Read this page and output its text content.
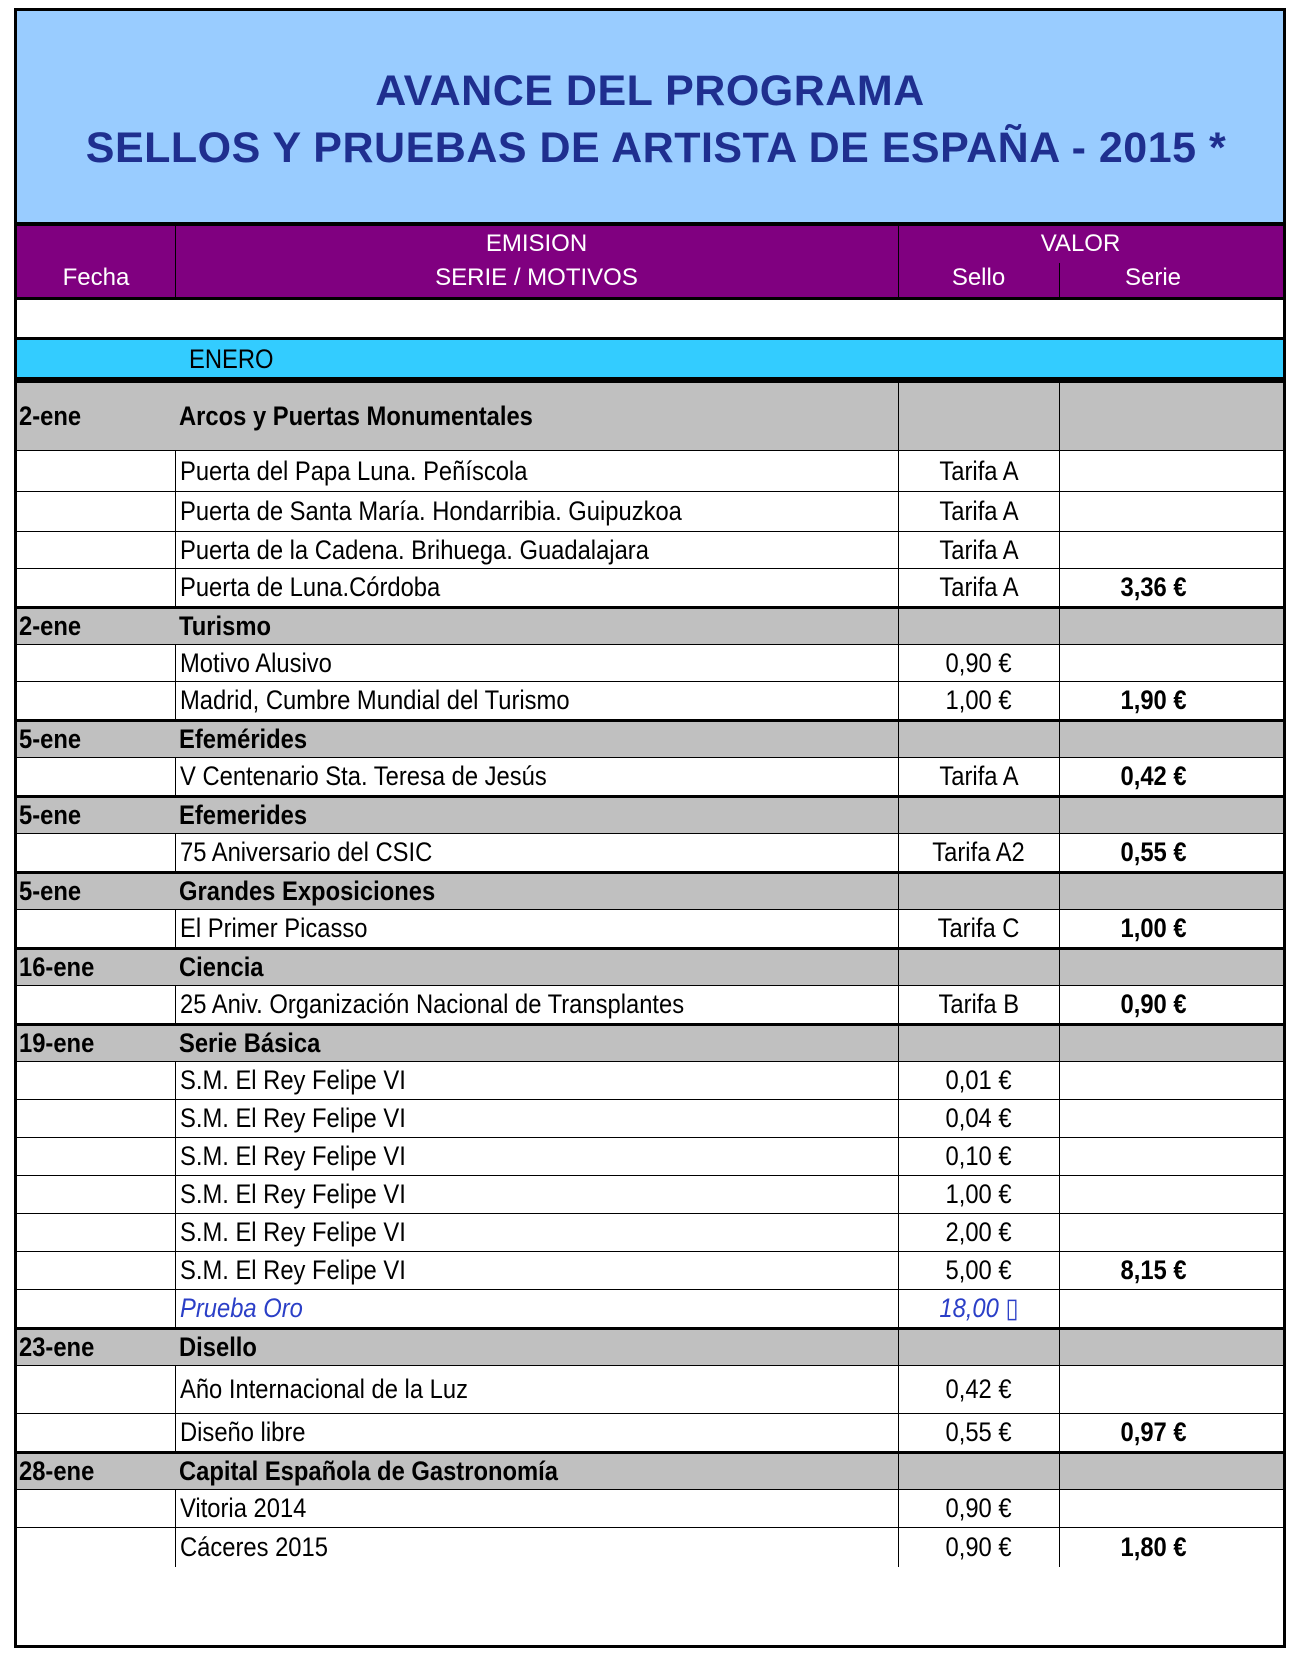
AVANCE DEL PROGRAMA
SELLOS Y PRUEBAS DE ARTISTA DE ESPAÑA - 2015 *
Fecha
EMISION
SERIE / MOTIVOS
VALOR
Sello	Serie
ENERO
2-ene	Arcos y Puertas Monumentales
Puerta del Papa Luna. Peñíscola	Tarifa A
Puerta de Santa María. Hondarribia. Guipuzkoa	Tarifa A
Puerta de la Cadena. Brihuega. Guadalajara	Tarifa A
Puerta de Luna.Córdoba	Tarifa A	3,36 €
2-ene	Turismo
Motivo Alusivo	0,90 €
Madrid, Cumbre Mundial del Turismo	1,00 €	1,90 €
5-ene	Efemérides
V Centenario Sta. Teresa de Jesús	Tarifa A	0,42 €
5-ene	Efemerides
75 Aniversario del CSIC	Tarifa A2	0,55 €
5-ene	Grandes Exposiciones
El Primer Picasso	Tarifa C	1,00 €
16-ene	Ciencia
25 Aniv. Organización Nacional de Transplantes	Tarifa B	0,90 €
19-ene	Serie Básica
S.M. El Rey Felipe VI	0,01 €
S.M. El Rey Felipe VI	0,04 €
S.M. El Rey Felipe VI	0,10 €
S.M. El Rey Felipe VI	1,00 €
S.M. El Rey Felipe VI	2,00 €
S.M. El Rey Felipe VI	5,00 €	8,15 €
Prueba Oro	18,00 ▯
23-ene	Disello
Año Internacional de la Luz	0,42 €
Diseño libre	0,55 €	0,97 €
28-ene	Capital Española de Gastronomía
Vitoria 2014	0,90 €
Cáceres 2015	0,90 €	1,80 €
